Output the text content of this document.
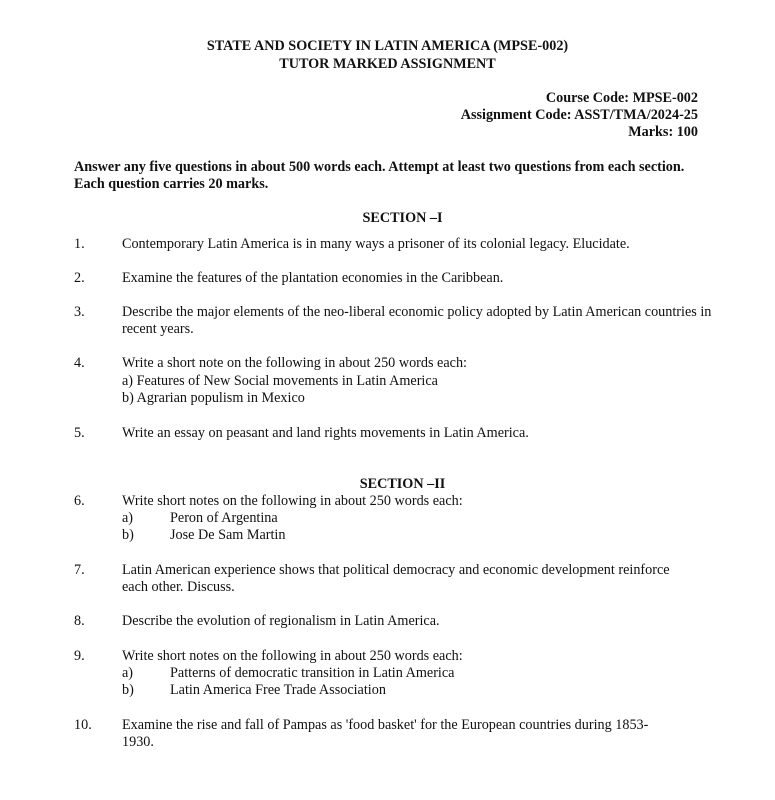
STATE AND SOCIETY IN LATIN AMERICA (MPSE-002)
TUTOR MARKED ASSIGNMENT
Course Code: MPSE-002
Assignment Code: ASST/TMA/2024-25
Marks: 100
Answer any five questions in about 500 words each. Attempt at least two questions from each section. Each question carries 20 marks.
SECTION –I
1.	Contemporary Latin America is in many ways a prisoner of its colonial legacy. Elucidate.
2.	Examine the features of the plantation economies in the Caribbean.
3.	Describe the major elements of the neo-liberal economic policy adopted by Latin American countries in recent years.
4.	Write a short note on the following in about 250 words each:
a) Features of New Social movements in Latin America
b) Agrarian populism in Mexico
5.	Write an essay on peasant and land rights movements in Latin America.
SECTION –II
6.	Write short notes on the following in about 250 words each:
a)	Peron of Argentina
b)	Jose De Sam Martin
7.	Latin American experience shows that political democracy and economic development reinforce each other. Discuss.
8.	Describe the evolution of regionalism in Latin America.
9.	Write short notes on the following in about 250 words each:
a)	Patterns of democratic transition in Latin America
b)	Latin America Free Trade Association
10.	Examine the rise and fall of Pampas as 'food basket' for the European countries during 1853-1930.
